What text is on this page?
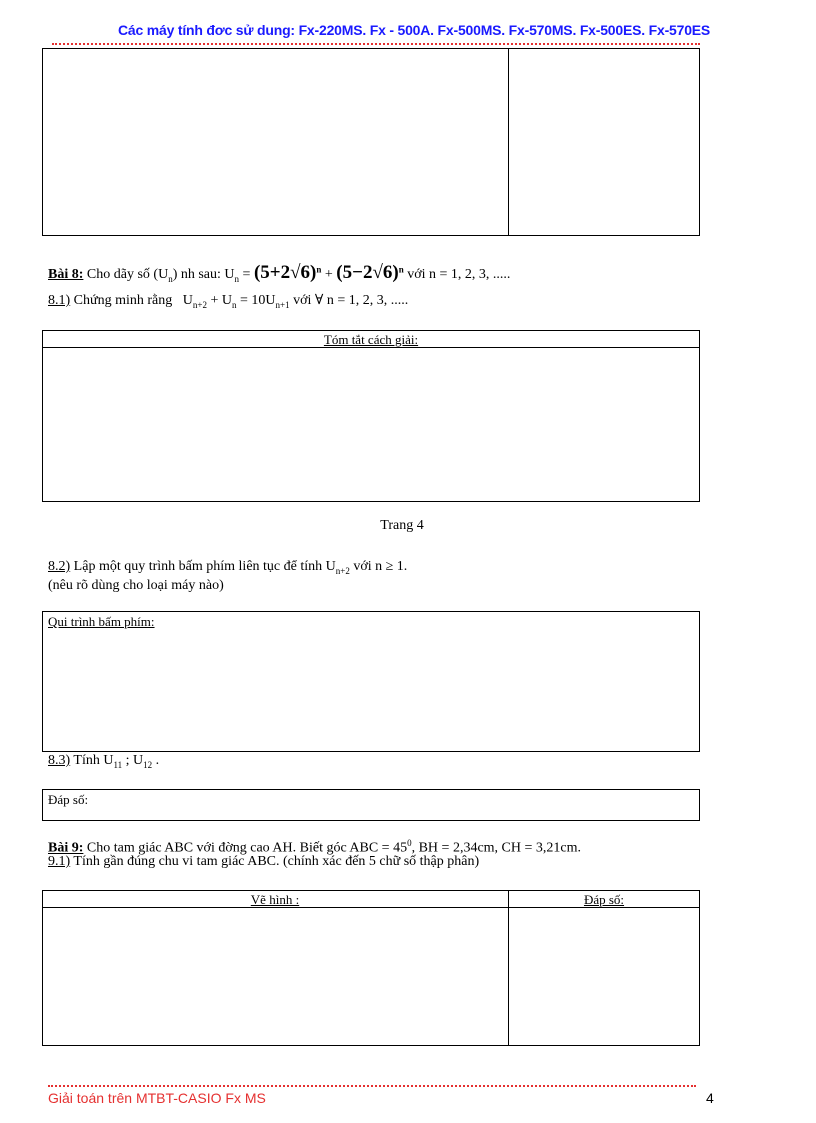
Các máy tính đơc sử dung: Fx-220MS. Fx - 500A. Fx-500MS. Fx-570MS. Fx-500ES. Fx-570ES
Bài 8: Cho dãy số $(U_n)$ nh sau: $U_n = (5+2√6)^n + (5-2√6)^n$ với n = 1, 2, 3, .....
8.1) Chứng minh rằng $U_{n+2} + U_n = 10U_{n+1}$ với ∀ n = 1, 2, 3, .....
Tóm tắt cách giải:
Trang 4
8.2) Lập một quy trình bấm phím liên tục để tính $U_{n+2}$ với n ≥ 1.
(nêu rõ dùng cho loại máy nào)
Qui trình bấm phím:
8.3) Tính $U_{11}$ ; $U_{12}$ .
Đáp số:
Bài 9: Cho tam giác ABC với đờng cao AH. Biết góc ABC = $45^0$, BH = 2,34cm, CH = 3,21cm.
9.1) Tính gần đúng chu vi tam giác ABC. (chính xác đến 5 chữ số thập phân)
Vẽ hình :	Đáp số:
Giải toán trên MTBT-CASIO Fx MS	4
